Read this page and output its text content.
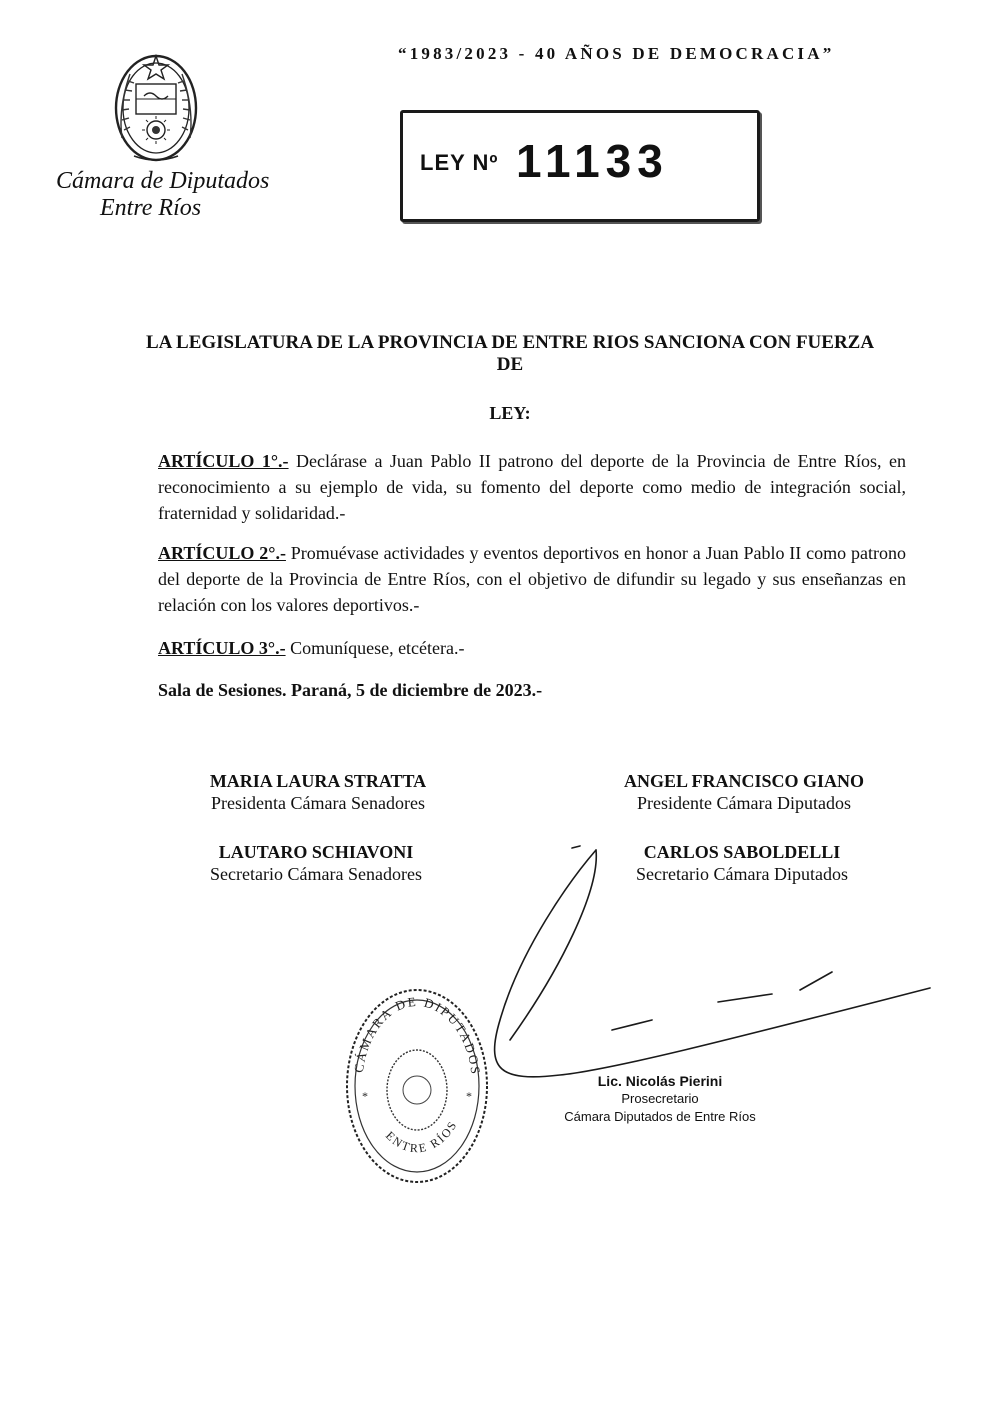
Cámara de Diputados
Entre Ríos
“1983/2023 - 40 AÑOS DE DEMOCRACIA”
LEY Nº 11133
LA LEGISLATURA DE LA PROVINCIA DE ENTRE RIOS SANCIONA CON FUERZA DE
LEY:
ARTÍCULO 1°.- Declárase a Juan Pablo II patrono del deporte de la Provincia de Entre Ríos, en reconocimiento a su ejemplo de vida, su fomento del deporte como medio de integración social, fraternidad y solidaridad.-
ARTÍCULO 2°.- Promuévase actividades y eventos deportivos en honor a Juan Pablo II como patrono del deporte de la Provincia de Entre Ríos, con el objetivo de difundir su legado y sus enseñanzas en relación con los valores deportivos.-
ARTÍCULO 3°.- Comuníquese, etcétera.-
Sala de Sesiones. Paraná, 5 de diciembre de 2023.-
MARIA LAURA STRATTA
Presidenta Cámara Senadores
ANGEL FRANCISCO GIANO
Presidente Cámara Diputados
LAUTARO SCHIAVONI
Secretario Cámara Senadores
CARLOS SABOLDELLI
Secretario Cámara Diputados
CÁMARA DE DIPUTADOS
ENTRE RÍOS
*	*
Lic. Nicolás Pierini
Prosecretario
Cámara Diputados de Entre Ríos
